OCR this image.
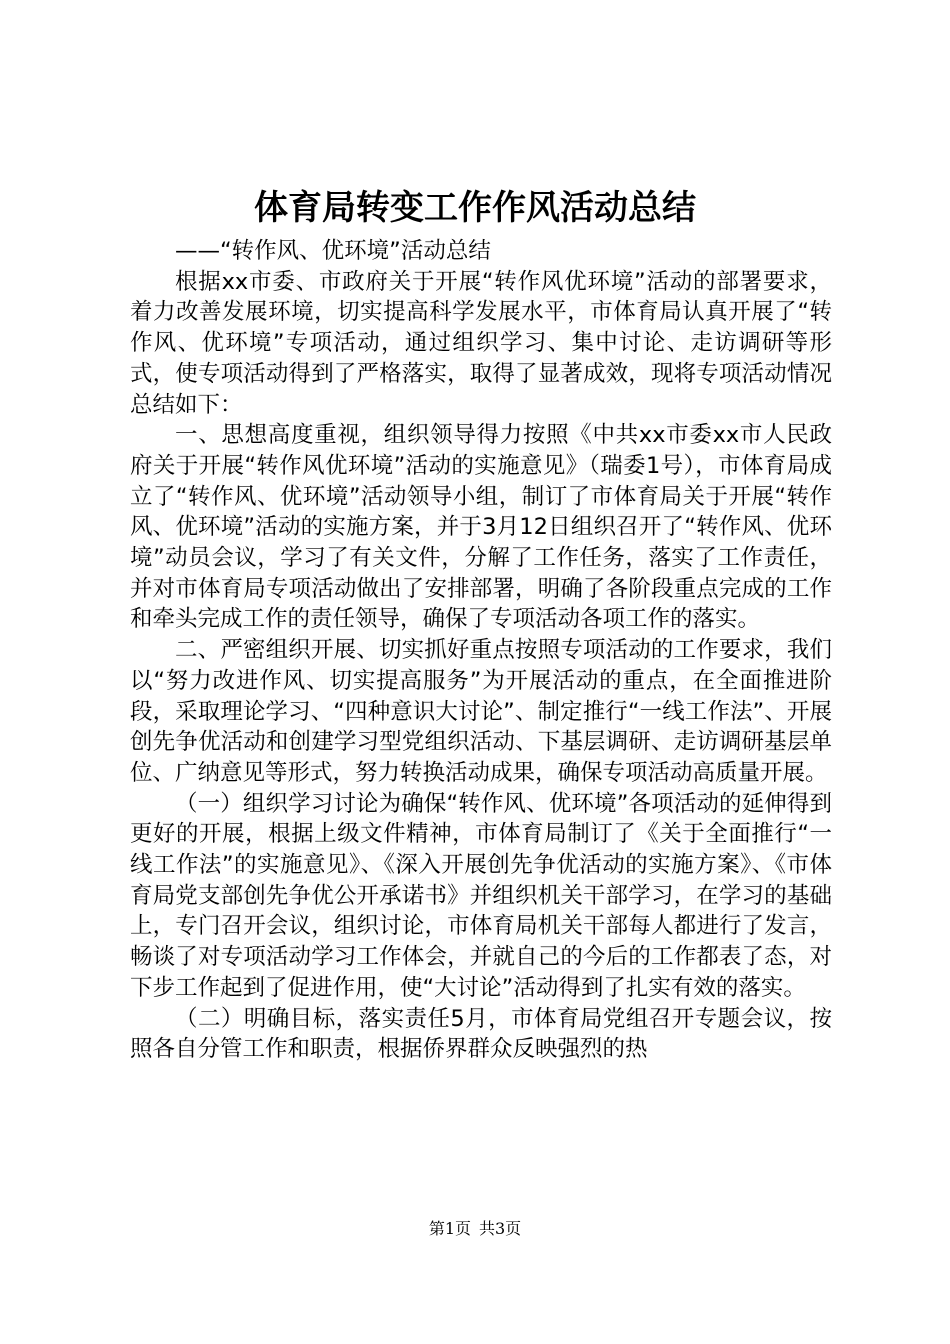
体育局转变工作作风活动总结

——“转作风、优环境”活动总结

根据xx市委、市政府关于开展“转作风优环境”活动的部署要求，着力改善发展环境，切实提高科学发展水平，市体育局认真开展了“转作风、优环境”专项活动，通过组织学习、集中讨论、走访调研等形式，使专项活动得到了严格落实，取得了显著成效，现将专项活动情况总结如下：

一、思想高度重视，组织领导得力按照《中共xx市委xx市人民政府关于开展“转作风优环境”活动的实施意见》（瑞委1号），市体育局成立了“转作风、优环境”活动领导小组，制订了市体育局关于开展“转作风、优环境”活动的实施方案，并于3月12日组织召开了“转作风、优环境”动员会议，学习了有关文件，分解了工作任务，落实了工作责任，并对市体育局专项活动做出了安排部署，明确了各阶段重点完成的工作和牵头完成工作的责任领导，确保了专项活动各项工作的落实。

二、严密组织开展、切实抓好重点按照专项活动的工作要求，我们以“努力改进作风、切实提高服务”为开展活动的重点，在全面推进阶段，采取理论学习、“四种意识大讨论”、制定推行“一线工作法”、开展创先争优活动和创建学习型党组织活动、下基层调研、走访调研基层单位、广纳意见等形式，努力转换活动成果，确保专项活动高质量开展。

（一）组织学习讨论为确保“转作风、优环境”各项活动的延伸得到更好的开展，根据上级文件精神，市体育局制订了《关于全面推行“一线工作法”的实施意见》、《深入开展创先争优活动的实施方案》、《市体育局党支部创先争优公开承诺书》并组织机关干部学习，在学习的基础上，专门召开会议，组织讨论，市体育局机关干部每人都进行了发言，畅谈了对专项活动学习工作体会，并就自己的今后的工作都表了态，对下步工作起到了促进作用，使“大讨论”活动得到了扎实有效的落实。

（二）明确目标，落实责任5月，市体育局党组召开专题会议，按照各自分管工作和职责，根据侨界群众反映强烈的热

第1页 共3页
